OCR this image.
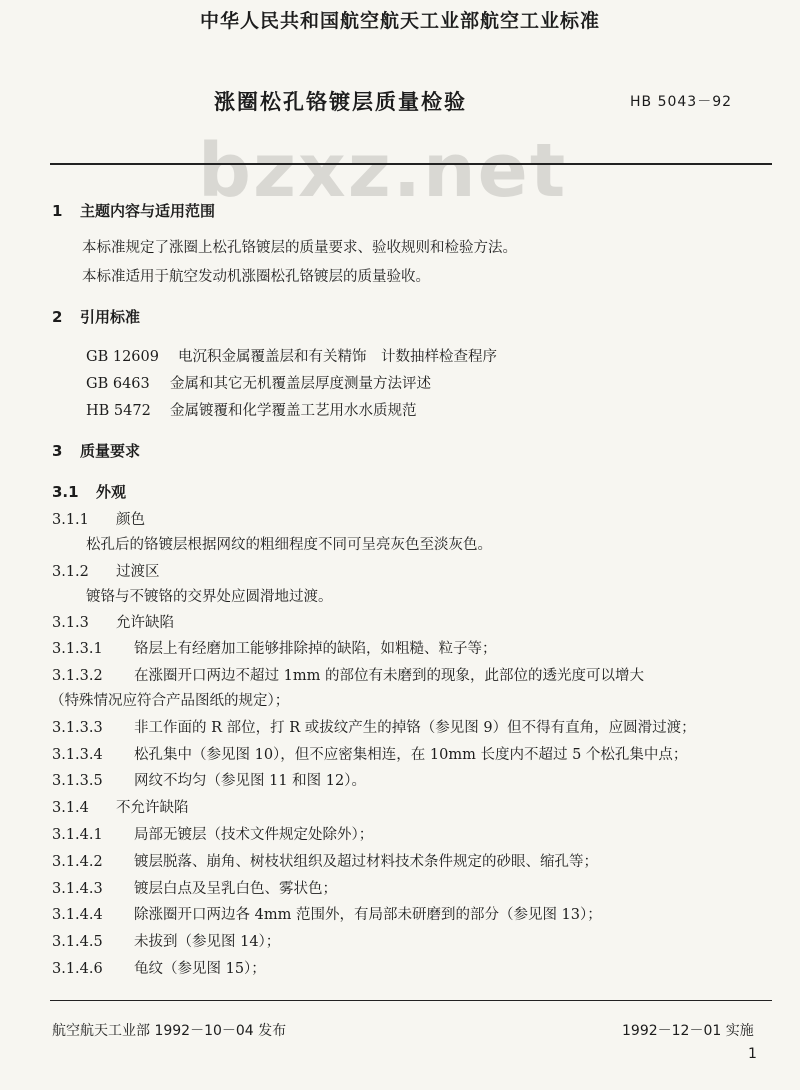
中华人民共和国航空航天工业部航空工业标准
bzxz.net
涨圈松孔铬镀层质量检验	HB 5043－92
1 主题内容与适用范围
本标准规定了涨圈上松孔铬镀层的质量要求、验收规则和检验方法。
本标准适用于航空发动机涨圈松孔铬镀层的质量验收。
2 引用标准
GB 12609 电沉积金属覆盖层和有关精饰　计数抽样检查程序
GB 6463 金属和其它无机覆盖层厚度测量方法评述
HB 5472 金属镀覆和化学覆盖工艺用水水质规范
3 质量要求
3.1 外观
3.1.1 颜色
松孔后的铬镀层根据网纹的粗细程度不同可呈亮灰色至淡灰色。
3.1.2 过渡区
镀铬与不镀铬的交界处应圆滑地过渡。
3.1.3 允许缺陷
3.1.3.1 铬层上有经磨加工能够排除掉的缺陷，如粗糙、粒子等；
3.1.3.2 在涨圈开口两边不超过 1mm 的部位有未磨到的现象，此部位的透光度可以增大
（特殊情况应符合产品图纸的规定）；
3.1.3.3 非工作面的 R 部位，打 R 或拔纹产生的掉铬（参见图 9）但不得有直角，应圆滑过渡；
3.1.3.4 松孔集中（参见图 10），但不应密集相连，在 10mm 长度内不超过 5 个松孔集中点；
3.1.3.5 网纹不均匀（参见图 11 和图 12）。
3.1.4 不允许缺陷
3.1.4.1 局部无镀层（技术文件规定处除外）；
3.1.4.2 镀层脱落、崩角、树枝状组织及超过材料技术条件规定的砂眼、缩孔等；
3.1.4.3 镀层白点及呈乳白色、雾状色；
3.1.4.4 除涨圈开口两边各 4mm 范围外，有局部未研磨到的部分（参见图 13）；
3.1.4.5 未拔到（参见图 14）；
3.1.4.6 龟纹（参见图 15）；
航空航天工业部 1992－10－04 发布	1992－12－01 实施
1
